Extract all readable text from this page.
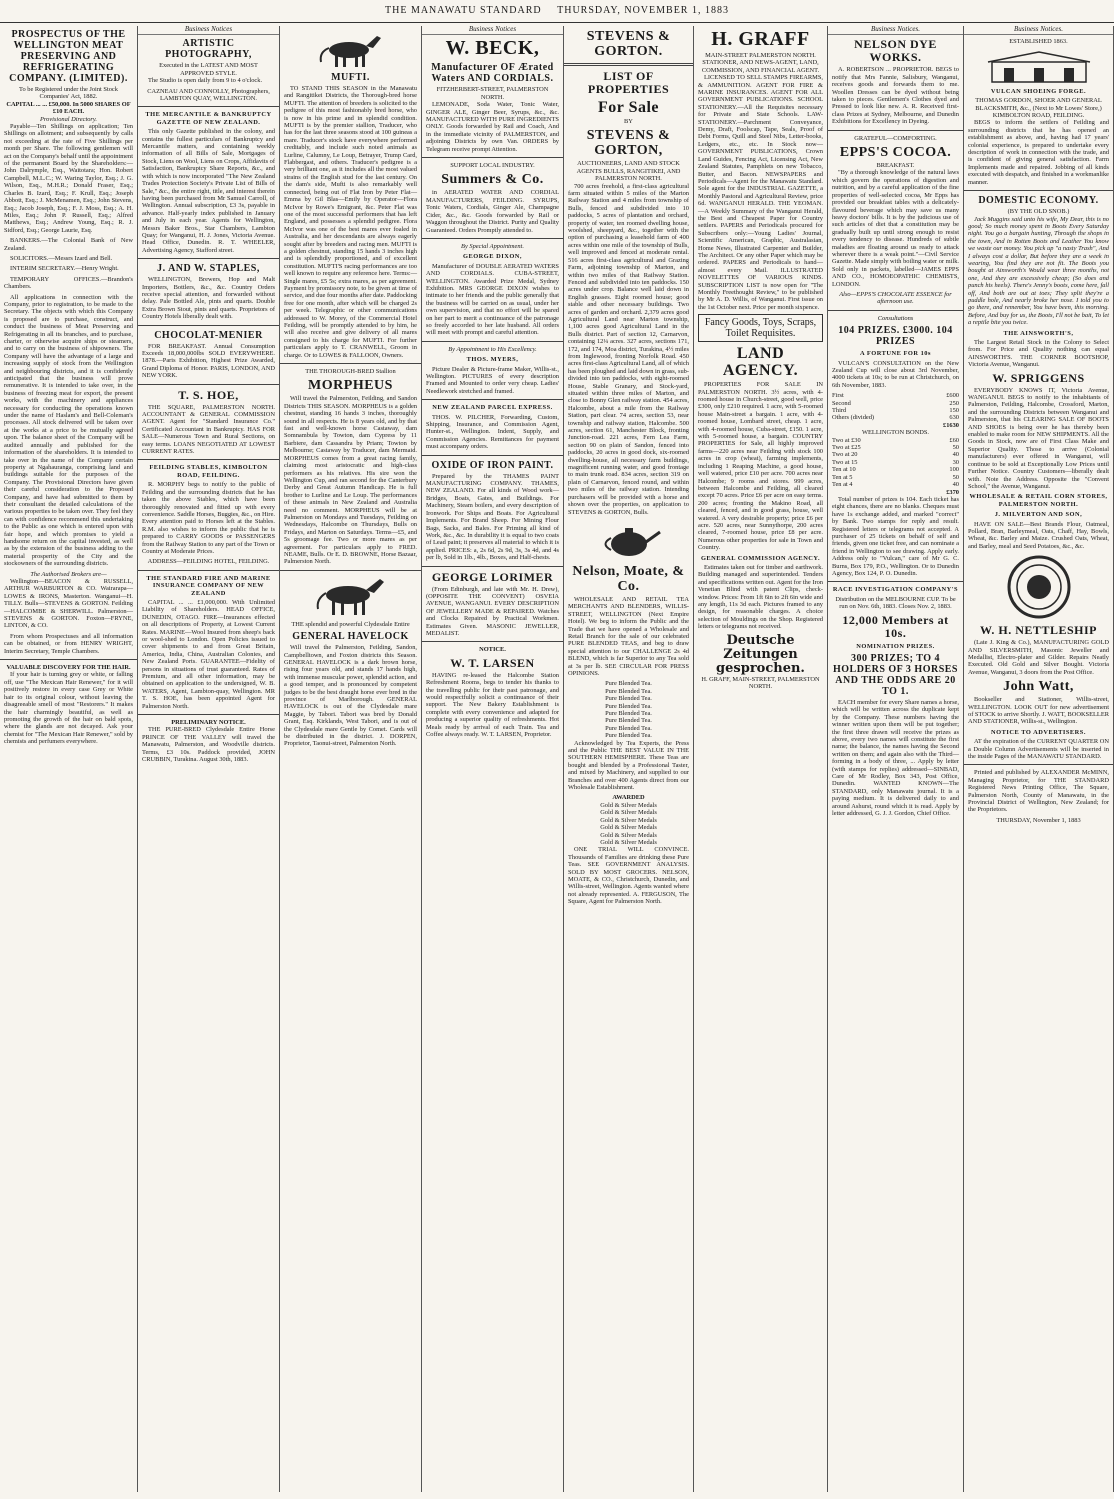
THE MANAWATU STANDARD THURSDAY, NOVEMBER 1, 1883
PROSPECTUS OF THE WELLINGTON MEAT PRESERVING AND REFRIGERATING COMPANY. (LIMITED).
To be Registered under the Joint Stock Companies' Act, 1882.
CAPITAL ... ... £50,000. In 5000 SHARES OF £10 EACH.
Provisional Directory.

Payable—Ten Shillings on application; Ten Shillings on allotment; and subsequently by calls not exceeding at the rate of Five Shillings per month per Share. The following gentlemen will act on the Company's behalf until the appointment of the permanent Board by the Shareholders:— John Dalrymple, Esq., Waitotara; Hon. Robert Campbell, M.L.C.; W. Waring Taylor, Esq.; J. G. Wilson, Esq., M.H.R.; Donald Fraser, Esq.; Charles B. Izard, Esq.; F. Krull, Esq.; Joseph Abbott, Esq.; J. McMenamen, Esq.; John Stevens, Esq.; Jacob Joseph, Esq.; F. J. Moss, Esq.; A. H. Miles, Esq.; John P. Russell, Esq.; Alfred Matthews, Esq.; Andrew Young, Esq.; R. J. Sidford, Esq.; George Laurie, Esq.

BANKERS.—The Colonial Bank of New Zealand.

SOLICITORS.—Messrs Izard and Bell.

INTERIM SECRETARY.—Henry Wright.

TEMPORARY OFFICES.—Brandon's Chambers.

All applications in connection with the Company, prior to registration, to be made to the Secretary. The objects with which this Company is proposed are to purchase, construct, and conduct the business of Meat Preserving and Refrigerating in all its branches, and to purchase, charter, or otherwise acquire ships or steamers, and to carry on the business of shipowners. The Company will have the advantage of a large and increasing supply of stock from the Wellington and neighbouring districts, and it is confidently anticipated that the business will prove remunerative. It is intended to take over, in the business of freezing meat for export, the present works, with the machinery and appliances necessary for conducting the operations known under the name of Haslam's and Bell-Coleman's processes. All stock delivered will be taken over at the works at a price to be mutually agreed upon. The balance sheet of the Company will be audited annually and published for the information of the shareholders. It is intended to take over in the name of the Company certain property at Ngahauranga, comprising land and buildings suitable for the purposes of the Company. The Provisional Directors have given their careful consideration to the Proposed Company, and have had submitted to them by their consultant the detailed calculations of the various properties to be taken over. They feel they can with confidence recommend this undertaking to the Public as one which is entered upon with fair hope, and which promises to yield a handsome return on the capital invested, as well as by the extension of the business adding to the material prosperity of the City and the stockowners of the surrounding districts.

The Authorised Brokers are—

Wellington—BEACON & RUSSELL, ARTHUR WARBURTON & CO. Wairarapa—LOWES & IRONS, Masterton. Wanganui—H. TILLY. Bulls—STEVENS & GORTON. Feilding—HALCOMBE & SHERWILL. Palmerston—STEVENS & GORTON. Foxton—FRYNE, LINTON, & CO.

From whom Prospectuses and all information can be obtained, or from HENRY WRIGHT, Interim Secretary, Temple Chambers.

VALUABLE DISCOVERY FOR THE HAIR.

If your hair is turning grey or white, or falling off, use "The Mexican Hair Renewer," for it will positively restore in every case Grey or White hair to its original colour, without leaving the disagreeable smell of most "Restorers." It makes the hair charmingly beautiful, as well as promoting the growth of the hair on bald spots, where the glands are not decayed. Ask your chemist for "The Mexican Hair Renewer," sold by chemists and perfumers everywhere.

Business Notices
ARTISTIC PHOTOGRAPHY,
Executed in the LATEST AND MOST APPROVED STYLE.

The Studio is open daily from 9 to 4 o'clock.

CAZNEAU AND CONNOLLY, Photographers, LAMBTON QUAY, WELLINGTON.
THE MERCANTILE & BANKRUPTCY GAZETTE OF NEW ZEALAND.

This only Gazette published in the colony, and contains the fullest particulars of Bankruptcy and Mercantile matters, and containing weekly information of all Bills of Sale, Mortgages of Stock, Liens on Wool, Liens on Crops, Affidavits of Satisfaction, Bankruptcy Share Reports, &c., and with which is now incorporated "The New Zealand Trades Protection Society's Private List of Bills of Sale," &c., the entire right, title, and interest therein having been purchased from Mr Samuel Carroll, of Wellington. Annual subscription, £3 3s, payable in advance. Half-yearly index published in January and July in each year. Agents for Wellington, Messrs Baker Bros., Star Chambers, Lambton Quay; for Wanganui, H. J. Jones, Victoria Avenue. Head Office, Dunedin. R. T. WHEELER, Advertising Agency, Stafford street.

J. AND W. STAPLES,

WELLINGTON, Brewers, Hop and Malt Importers, Bottlers, &c., &c. Country Orders receive special attention, and forwarded without delay. Pale Bottled Ale, pints and quarts. Double Extra Brown Stout, pints and quarts. Proprietors of Country Hotels liberally dealt with.

CHOCOLAT-MENIER

FOR BREAKFAST. Annual Consumption Exceeds 18,000,000lbs SOLD EVERYWHERE. 1878.—Paris Exhibition, Highest Prize Awarded, Grand Diploma of Honor. PARIS, LONDON, AND NEW YORK.

T. S. HOE,

THE SQUARE, PALMERSTON NORTH. ACCOUNTANT & GENERAL COMMISSION AGENT. Agent for "Standard Insurance Co." Certificated Accountant in Bankruptcy. HAS FOR SALE—Numerous Town and Rural Sections, on easy terms. LOANS NEGOTIATED AT LOWEST CURRENT RATES.

FEILDING STABLES, KIMBOLTON ROAD, FEILDING.

R. MORPHY begs to notify to the public of Feilding and the surrounding districts that he has taken the above Stables, which have been thoroughly renovated and fitted up with every convenience. Saddle Horses, Buggies, &c., on Hire. Every attention paid to Horses left at the Stables. R.M. also wishes to inform the public that he is prepared to CARRY GOODS or PASSENGERS from the Railway Station to any part of the Town or Country at Moderate Prices.

ADDRESS—FEILDING HOTEL, FEILDING.
THE STANDARD FIRE AND MARINE INSURANCE COMPANY OF NEW ZEALAND

CAPITAL ... ... £1,000,000. With Unlimited Liability of Shareholders. HEAD OFFICE, DUNEDIN, OTAGO. FIRE—Insurances effected on all descriptions of Property, at Lowest Current Rates. MARINE—Wool Insured from sheep's back or wool-shed to London. Open Policies issued to cover shipments to and from Great Britain, America, India, China, Australian Colonies, and New Zealand Ports. GUARANTEE—Fidelity of persons in situations of trust guaranteed. Rates of Premium, and all other information, may be obtained on application to the undersigned, W. B. WATERS, Agent, Lambton-quay, Wellington. MR T. S. HOE, has been appointed Agent for Palmerston North.

PRELIMINARY NOTICE.

THE PURE-BRED Clydesdale Entire Horse PRINCE OF THE VALLEY will travel the Manawatu, Palmerston, and Woodville districts. Terms, £3 10s. Paddock provided, JOHN CRUBBIN, Turakina. August 30th, 1883.

MUFTI.

TO STAND THIS SEASON in the Manawatu and Rangitikei Districts, the Thorough-bred horse MUFTI. The attention of breeders is solicited to the pedigree of this most fashionably bred horse, who is now in his prime and in splendid condition. MUFTI is by the premier stallion, Traducer, who has for the last three seasons stood at 100 guineas a mare. Traducer's stock have everywhere performed creditably, and include such noted animals as Lurline, Calumny, Le Loup, Betrayer, Trump Card, Flabbergast, and others. Traducer's pedigree is a very brilliant one, as it includes all the most valued strains of the English stud for the last century. On the dam's side, Mufti is also remarkably well connected, being out of Flat Iron by Peter Flat—Emma by Gil Blas—Emily by Operator—Flora McIvor by Rowe's Emigrant, &c. Peter Flat was one of the most successful performers that has left England, and possesses a splendid pedigree. Flora McIvor was one of the best mares ever foaled in Australia, and her descendants are always eagerly sought after by breeders and racing men. MUFTI is a golden chestnut, standing 15 hands 3 inches high and is splendidly proportioned, and of excellent constitution. MUFTI'S racing performances are too well known to require any reference here. Terms:—Single mares, £5 5s; extra mares, as per agreement. Payment by promissory note, to be given at time of service, and due four months after date. Paddocking free for one month, after which will be charged 2s per week. Telegraphic or other communications addressed to W. Morey, of the Commercial Hotel Feilding, will be promptly attended to by him, he will also receive and give delivery of all mares consigned to his charge for MUFTI. For further particulars apply to T. CRANWELL, Groom in charge. Or to LOWES & FALLOON, Owners.

THE THOROUGH-BRED Stallion
MORPHEUS

Will travel the Palmerston, Feilding, and Sandon Districts THIS SEASON. MORPHEUS is a golden chestnut, standing 16 hands 3 inches, thoroughly sound in all respects. He is 8 years old, and by that fast and well-known horse Castaway, dam Somnambula by Towton, dam Cypress by 11 Barbiere, dam Cassandra by Priam; Towton by Melbourne; Castaway by Traducer, dam Mermaid. MORPHEUS comes from a great racing family, claiming most aristocratic and high-class performers as his relatives. His sire won the Wellington Cup, and ran second for the Canterbury Derby and Great Autumn Handicap. He is full brother to Lurline and Le Loup. The performances of these animals in New Zealand and Australia need no comment. MORPHEUS will be at Palmerston on Mondays and Tuesdays, Feilding on Wednesdays, Halcombe on Thursdays, Bulls on Fridays, and Marton on Saturdays. Terms—£5, and 5s groomage fee. Two or more mares as per agreement. For particulars apply to FRED. NEAME, Bulls. Or E. D. BROWNE, Horse Bazaar, Palmerston North.

THE splendid and powerful Clydesdale Entire
GENERAL HAVELOCK

Will travel the Palmerston, Feilding, Sandon, Campbelltown, and Foxton districts this Season. GENERAL HAVELOCK is a dark brown horse, rising four years old, and stands 17 hands high, with immense muscular power, splendid action, and a good temper, and is pronounced by competent judges to be the best draught horse ever bred in the province of Marlborough. GENERAL HAVELOCK is out of the Clydesdale mare Maggie, by Tabori. Tabori was bred by Donald Grant, Esq. Kirklands, West Tabori, and is out of the Clydesdale mare Gentle by Comet. Cards will be distributed in the district. J. DORPEN, Proprietor, Taonui-street, Palmerston North.

Business Notices
W. BECK,
Manufacturer OF Ærated Waters AND CORDIALS.
FITZHERBERT-STREET, PALMERSTON NORTH.

LEMONADE, Soda Water, Tonic Water, GINGER ALE, Ginger Beer, Syrups, &c., &c. MANUFACTURED WITH PURE INGREDIENTS ONLY. Goods forwarded by Rail and Coach, And in the immediate vicinity of PALMERSTON, and adjoining Districts by own Van. ORDERS by Telegram receive prompt Attention.

SUPPORT LOCAL INDUSTRY.
Summers & Co.

in AERATED WATER AND CORDIAL MANUFACTURERS, FEILDING. SYRUPS, Tonic Waters, Cordials, Ginger Ale, Champagne Cider, &c., &c. Goods forwarded by Rail or Waggon throughout the District. Purity and Quality Guaranteed. Orders Promptly attended to.

By Special Appointment.
GEORGE DIXON,

Manufacturer of DOUBLE AERATED WATERS AND CORDIALS. CUBA-STREET, WELLINGTON. Awarded Prize Medal, Sydney Exhibition. MRS GEORGE DIXON wishes to intimate to her friends and the public generally that the business will be carried on as usual, under her own supervision, and that no effort will be spared on her part to merit a continuance of the patronage so freely accorded to her late husband. All orders will meet with prompt and careful attention.

By Appointment to His Excellency.
THOS. MYERS,

Picture Dealer & Picture-frame Maker, Willis-st., Wellington. PICTURES of every description Framed and Mounted to order very cheap. Ladies' Needlework stretched and framed.

NEW ZEALAND PARCEL EXPRESS.

THOS. W. PILCHER, Forwarding, Custom, Shipping, Insurance, and Commission Agent, Hunter-st., Wellington. Indent, Supply, and Commission Agencies. Remittances for payment must accompany orders.

OXIDE OF IRON PAINT.

Prepared by the THAMES PAINT MANUFACTURING COMPANY. THAMES, NEW ZEALAND. For all kinds of Wood work—Bridges, Boats, Gates, and Buildings. For Machinery, Steam boilers, and every description of Ironwork. For Ships and Boats. For Agricultural Implements. For Brand Sheep. For Mining Flour Bags, Sacks, and Bales. For Priming all kind of Work, &c., &c. In durability it is equal to two coats of Lead paint; it preserves all material to which it is applied. PRICES: a, 2s 6d, 2s 9d, 3s, 3s 4d, and 4s per lb, Sold in 1lb., 4lb., Boxes, and Half-chests.

GEORGE LORIMER

(From Edinburgh, and late with Mr. H. Drew), (OPPOSITE THE CONVENT) OSVEIA AVENUE, WANGANUI. EVERY DESCRIPTION OF JEWELLERY MADE & REPAIRED. Watches and Clocks Repaired by Practical Workmen. Estimates Given. MASONIC JEWELLER, MEDALIST.

NOTICE.
W. T. LARSEN

HAVING re-leased the Halcombe Station Refreshment Rooms, begs to tender his thanks to the travelling public for their past patronage, and would respectfully solicit a continuance of their support. The New Bakery Establishment is complete with every convenience and adapted for producing a superior quality of refreshments. Hot Meals ready by arrival of each Train. Tea and Coffee always ready. W. T. LARSEN, Proprietor.

STEVENS & GORTON.
LIST OF PROPERTIES
For Sale
BY
STEVENS & GORTON,
AUCTIONEERS, LAND AND STOCK AGENTS BULLS, RANGITIKEI, AND PALMERSTON NORTH.

700 acres freehold, a first-class agricultural farm situated within 5 miles of the Marton Railway Station and 4 miles from township of Bulls, fenced and subdivided into 10 paddocks, 5 acres of plantation and orchard, property of water, ten roomed dwelling house, woolshed, sheepyard, &c., together with the option of purchasing a leasehold farm of 400 acres within one mile of the township of Bulls, well improved and fenced at moderate rental. 516 acres first-class agricultural and Grazing Farm, adjoining township of Marton, and within two miles of that Railway Station. Fenced and subdivided into ten paddocks. 150 acres under crop. Balance well laid down in English grasses. Eight roomed house; good stable and other necessary buildings. Two acres of garden and orchard. 2,379 acres good Agricultural Land near Marton township, 1,100 acres good Agricultural Land in the Bulls district. Part of section 12, Carnarvon, containing 12¼ acres. 327 acres, sections 171, 172, and 174, Moa district, Turakina, 4½ miles from Inglewood, fronting Norfolk Road. 450 acres first-class Agricultural Land, all of which has been ploughed and laid down in grass, sub-divided into ten paddocks, with eight-roomed House, Stable Granary, and Stock-yard, situated within three miles of Marton, and close to Bonny Glen railway station. 454 acres, Halcombe, about a mile from the Railway Station, part clear. 74 acres, section 53, near township and railway station, Halcombe. 500 acres, section 61, Manchester Block, fronting Junction-road. 221 acres, Fern Lea Farm, section 90 on plain of Sandon, fenced into paddocks, 20 acres in good dock, six-roomed dwelling-house, all necessary farm buildings, magnificent running water, and good frontage to main trunk road. 834 acres, section 319 on plain of Carnarvon, fenced round, and within two miles of the railway station. Intending purchasers will be provided with a horse and shown over the properties, on application to STEVENS & GORTON, Bulls.

Nelson, Moate, & Co.

WHOLESALE AND RETAIL TEA MERCHANTS AND BLENDERS, WILLIS-STREET, WELLINGTON (Next Empire Hotel). We beg to inform the Public and the Trade that we have opened a Wholesale and Retail Branch for the sale of our celebrated PURE BLENDED TEAS, and beg to draw special attention to our CHALLENGE 2s 4d BLEND, which is far Superior to any Tea sold at 3s per lb. SEE CIRCULAR FOR PRESS OPINIONS.

Pure Blended Tea.
Pure Blended Tea.
Pure Blended Tea.
Pure Blended Tea.
Pure Blended Tea.
Pure Blended Tea.
Pure Blended Tea.
Pure Blended Tea.

Acknowledged by Tea Experts, the Press and the Public THE BEST VALUE IN THE SOUTHERN HEMISPHERE. These Teas are bought and blended by a Professional Taster, and mixed by Machinery, and supplied to our Branches and over 400 Agents direct from our Wholesale Establishment.

AWARDED
Gold & Silver Medals
Gold & Silver Medals
Gold & Silver Medals
Gold & Silver Medals
Gold & Silver Medals
Gold & Silver Medals

ONE TRIAL WILL CONVINCE. Thousands of Families are drinking these Pure Teas. SEE GOVERNMENT ANALYSIS. SOLD BY MOST GROCERS. NELSON, MOATE, & CO., Christchurch, Dunedin, and Willis-street, Wellington. Agents wanted where not already represented. A. FERGUSON, The Square, Agent for Palmerston North.

H. GRAFF
MAIN-STREET PALMERSTON NORTH.
STATIONER, AND NEWS-AGENT, LAND, COMMISSION, AND FINANCIAL AGENT.

LICENSED TO SELL STAMPS FIREARMS, & AMMUNITION. AGENT FOR FIRE & MARINE INSURANCES. AGENT FOR ALL GOVERNMENT PUBLICATIONS. SCHOOL STATIONERY.—All the Requisites necessary for Private and State Schools. LAW-STATIONERY.—Parchment Conveyance, Demy, Draft, Foolscap, Tape, Seals, Proof of Debt Forms, Quill and Steel Nibs, Letter-books, Ledgers, etc., etc. In Stock now—GOVERNMENT PUBLICATIONS, Crown Land Guides, Fencing Act, Licensing Act, New Zealand Statutes, Pamphlets on new Tobacco, Butter, and Bacon. NEWSPAPERS and Periodicals—Agent for the Manawatu Standard. Sole agent for the INDUSTRIAL GAZETTE, a Monthly Pastoral and Agricultural Review, price 6d. WANGANUI HERALD. THE YEOMAN.—A Weekly Summary of the Wanganui Herald, the Best and Cheapest Paper for Country settlers. PAPERS and Periodicals procured for Subscribers only:—Young Ladies' Journal, Scientific American, Graphic, Australasian, Home News, Illustrated Carpenter and Builder, The Architect. Or any other Paper which may be ordered. PAPERS and Periodicals to hand—almost every Mail. ILLUSTRATED NOVELETTES OF VARIOUS KINDS. SUBSCRIPTION LIST is now open for "The Monthly Freethought Review," to be published by Mr A. D. Willis, of Wanganui. First issue on the 1st October next. Price per month sixpence.

Fancy Goods, Toys, Scraps, Toilet Requisites.
LAND AGENCY.

PROPERTIES FOR SALE IN PALMERSTON NORTH. 3½ acres, with 4-roomed house in Church-street, good well, price £300, only £210 required. 1 acre, with 5-roomed house Main-street a bargain. 1 acre, with 4-roomed house, Lombard street, cheap. 1 acre, with 4-roomed house, Cuba-street, £150. 1 acre, with 5-roomed house, a bargain. COUNTRY PROPERTIES for Sale, all highly improved farms—220 acres near Feilding with stock 100 acres in crop (wheat), farming implements, including 1 Reaping Machine, a good house, well watered, price £10 per acre. 700 acres near Halcombe; 9 rooms and stores. 999 acres, between Halcombe and Feilding, all cleared except 70 acres. Price £6 per acre on easy terms. 200 acres; fronting the Makino Road, all cleared, fenced, and in good grass, house, well watered. A very desirable property; price £6 per acre. 520 acres, near Sunnythorpe, 200 acres cleared, 7-roomed house, price £8 per acre. Numerous other properties for sale in Town and Country.

GENERAL COMMISSION AGENCY.

Estimates taken out for timber and earthwork. Building managed and superintended. Tenders and specifications written out. Agent for the Iron Venetian Blind with patent Clips, check-window. Prices: From 1ft 6in to 2ft 6in wide and any length, 11s 3d each. Pictures framed to any design, for reasonable charges. A choice selection of Mouldings on the Shop. Registered letters or telegrams not received.

Deutsche Zeitungen gesprochen.
H. GRAFF, MAIN-STREET, PALMERSTON NORTH.
Business Notices.
NELSON DYE WORKS.

A. ROBERTSON ... PROPRIETOR. BEGS to notify that Mrs Fannie, Salisbury, Wanganui, receives goods and forwards them to me. Woollen Dresses can be dyed without being taken to pieces. Gentlemen's Clothes dyed and Pressed to look like new. A. R. Received first-class Prizes at Sydney, Melbourne, and Dunedin Exhibitions for Excellency in Dyeing.

GRATEFUL—COMFORTING.
EPPS'S COCOA.
BREAKFAST.

"By a thorough knowledge of the natural laws which govern the operations of digestion and nutrition, and by a careful application of the fine properties of well-selected cocoa, Mr Epps has provided our breakfast tables with a delicately-flavoured beverage which may save us many heavy doctors' bills. It is by the judicious use of such articles of diet that a constitution may be gradually built up until strong enough to resist every tendency to disease. Hundreds of subtle maladies are floating around us ready to attack wherever there is a weak point."—Civil Service Gazette. Made simply with boiling water or milk. Sold only in packets, labelled—JAMES EPPS AND CO., HOMOEOPATHIC CHEMISTS, LONDON.

Also—EPPS'S CHOCOLATE ESSENCE for afternoon use.
Consultations
104 PRIZES. £3000. 104 PRIZES
A FORTUNE FOR 10s

VULCAN'S CONSULTATION on the New Zealand Cup will close about 3rd November, 4000 tickets at 10s; to be run at Christchurch, on 6th November, 1883.

First	£600
Second	250
Third	150
Others (divided)	630
	£1630
WELLINGTON BONDS.
Two at £30	£60
Two at £25	50
Two at 20	40
Two at 15	30
Ten at 10	100
Ten at 5	50
Ten at 4	40
	£370

Total number of prizes is 104. Each ticket has eight chances, there are no blanks. Cheques must have 1s exchange added, and marked "correct" by Bank. Two stamps for reply and result. Registered letters or telegrams not accepted. A purchaser of 25 tickets on behalf of self and friends, given one ticket free, and can nominate a friend in Wellington to see drawing. Apply early. Address only to "Vulcan," care of Mr G. C. Burns, Box 179, P.O., Wellington. Or to Dunedin Agency, Box 124, P. O. Dunedin.

RACE INVESTIGATION COMPANY'S
Distribution on the MELBOURNE CUP. To be run on Nov. 6th, 1883. Closes Nov. 2, 1883.
12,000 Members at 10s.
NOMINATION PRIZES.
300 PRIZES; TO 4 HOLDERS OF 3 HORSES AND THE ODDS ARE 20 TO 1.

EACH member for every Share names a horse, which will be written across the duplicate kept by the Company. These numbers having the winner written upon them will be put together; the first three drawn will receive the prizes as above, every two names will constitute the first name; the balance, the names having the Second written on them; and again also with the Third—forming in a body of three, ... Apply by letter (with stamps for replies) addressed—SINBAD, Care of Mr Rodley, Box 343, Post Office, Dunedin. WANTED KNOWN—The STANDARD, only Manawatu journal. It is a paying medium. It is delivered daily to and around Ashurst, round which it is read. Apply by letter addressed, G. J. J. Gordon, Chief Office.

Business Notices.
ESTABLISHED 1863.
VULCAN SHOEING FORGE.
THOMAS GORDON, SHOER AND GENERAL BLACKSMITH, &c., (Next to Mr Lowes' Store,) KIMBOLTON ROAD, FEILDING.

BEGS to inform the settlers of Feilding and surrounding districts that he has opened an establishment as above, and, having had 17 years' colonial experience, is prepared to undertake every description of work in connection with the trade, and is confident of giving general satisfaction. Farm Implements made and repaired. Jobbing of all kinds executed with despatch, and finished in a workmanlike manner.

DOMESTIC ECONOMY.
(BY THE OLD SNOB.)

Jack Muggins said unto his wife, My Dear, this is no good; So much money spent in Boots Every Saturday night. You go a bargain hunting, Through the shops in the town, And in Rotten Boots and Leather You know we waste our money. You pick up "a nasty Trash", And I always cost a dollar, But before they are a week in wearing, You find they are not fit. The Boots you bought at Ainsworth's Would wear three months, not one, And they are excessively cheap; (So does and punch his heels). There's Jenny's boots, come here, fall off, And both are out at toes; They split they're a puddle hole, And nearly broke her nose. I told you to go there, and remember, You have been, this morning. Before, And buy for us, the Boots, I'll not be bait, To let a reptile bite you twice.

THE AINSWORTH'S,

The Largest Retail Stock in the Colony to Select from. For Price and Quality nothing can equal AINSWORTH'S. THE CORNER BOOTSHOP, Victoria Avenue, Wanganui.

W. SPRIGGENS

EVERYBODY KNOWS IT, Victoria Avenue, WANGANUI. BEGS to notify to the inhabitants of Palmerston, Feilding, Halcombe, Crossford, Marton, and the surrounding Districts between Wanganui and Palmerston, that his CLEARING SALE OF BOOTS AND SHOES is being over he has thereby been enabled to make room for NEW SHIPMENTS. All the Goods in Stock, now are of First Class Make and Superior Quality. Those to arrive (Colonial manufacturers) ever offered in Wanganui, will continue to be sold at Exceptionally Low Prices until Further Notice. Country Customers—liberally dealt with. Note the Address. Opposite the "Convent School," the Avenue, Wanganui.

WHOLESALE & RETAIL CORN STORES, PALMERSTON NORTH.
J. MILVERTON AND SON,

HAVE ON SALE—Best Brands Flour, Oatmeal, Pollard, Bran, Barleymeal, Oats, Chaff, Hay, Bowls, Wheat, &c. Barley and Maize. Crushed Oats, Wheat, and Barley, meal and Seed Potatoes, &c., &c.

W. H. NETTLESHIP

(Late J. King & Co.), MANUFACTURING GOLD AND SILVERSMITH, Masonic Jeweller and Medallist, Electro-plater and Gilder. Repairs Neatly Executed. Old Gold and Silver Bought. Victoria Avenue, Wanganui, 3 doors from the Post Office.

John Watt,

Bookseller and Stationer, Willis-street, WELLINGTON. LOOK OUT for new advertisement of STOCK to arrive Shortly. J. WATT, BOOKSELLER AND STATIONER, Willis-st., Wellington.

NOTICE TO ADVERTISERS.

AT the expiration of the CURRENT QUARTER ON a Double Column Advertisements will be inserted in the inside Pages of the MANAWATU STANDARD.

Printed and published by ALEXANDER McMINN, Managing Proprietor, for THE STANDARD Registered News Printing Office, The Square, Palmerston North, County of Manawatu, in the Provincial District of Wellington, New Zealand; for the Proprietors.

THURSDAY, November 1, 1883
